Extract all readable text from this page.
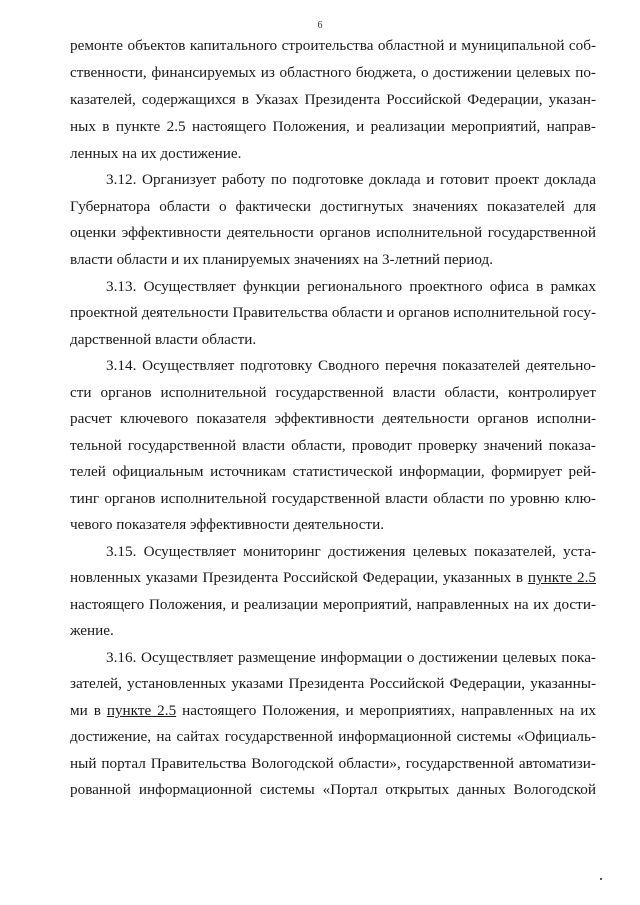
6
ремонте объектов капитального строительства областной и муниципальной соб-
ственности, финансируемых из областного бюджета, о достижении целевых по-
казателей, содержащихся в Указах Президента Российской Федерации, указан-
ных в пункте 2.5 настоящего Положения, и реализации мероприятий, направ-
ленных на их достижение.
3.12. Организует работу по подготовке доклада и готовит проект доклада
Губернатора области о фактически достигнутых значениях показателей для
оценки эффективности деятельности органов исполнительной государственной
власти области и их планируемых значениях на 3-летний период.
3.13. Осуществляет функции регионального проектного офиса в рамках
проектной деятельности Правительства области и органов исполнительной госу-
дарственной власти области.
3.14. Осуществляет подготовку Сводного перечня показателей деятельно-
сти органов исполнительной государственной власти области, контролирует
расчет ключевого показателя эффективности деятельности органов исполни-
тельной государственной власти области, проводит проверку значений показа-
телей официальным источникам статистической информации, формирует рей-
тинг органов исполнительной государственной власти области по уровню клю-
чевого показателя эффективности деятельности.
3.15. Осуществляет мониторинг достижения целевых показателей, уста-
новленных указами Президента Российской Федерации, указанных в пункте 2.5
настоящего Положения, и реализации мероприятий, направленных на их дости-
жение.
3.16. Осуществляет размещение информации о достижении целевых пока-
зателей, установленных указами Президента Российской Федерации, указанны-
ми в пункте 2.5 настоящего Положения, и мероприятиях, направленных на их
достижение, на сайтах государственной информационной системы «Официаль-
ный портал Правительства Вологодской области», государственной автоматизи-
рованной информационной системы «Портал открытых данных Вологодской
